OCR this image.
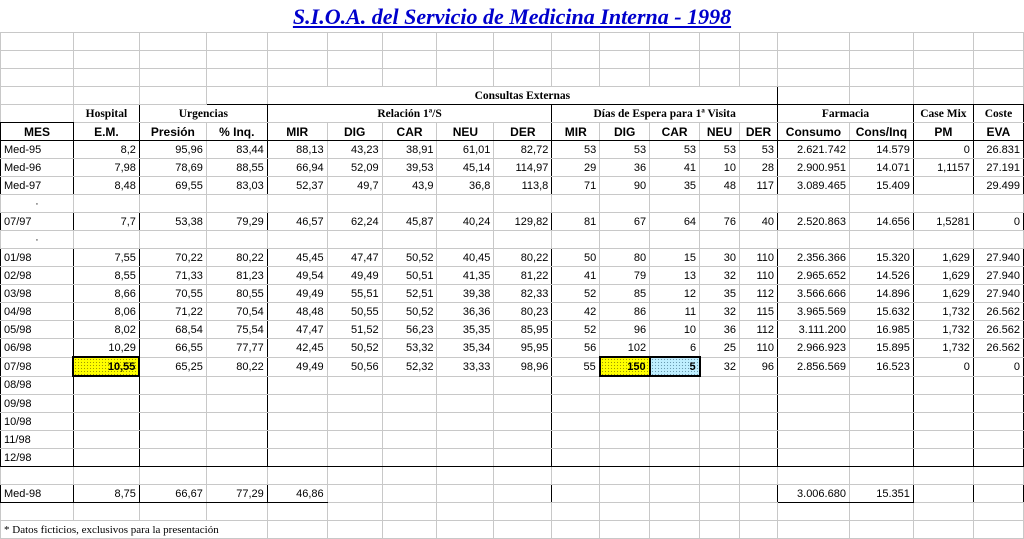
S.I.O.A. del Servicio de Medicina Interna - 1998

				Consultas Externas													
	Hospital	Urgencias		Relación 1ª/S					Días de Espera para 1ª Visita					Farmacia		Case Mix	Coste
MES	E.M.	Presión	% Inq.	MIR	DIG	CAR	NEU	DER	MIR	DIG	CAR	NEU	DER	Consumo	Cons/Inq	PM	EVA
Med-95	8,2	95,96	83,44	88,13	43,23	38,91	61,01	82,72	53	53	53	53	53	2.621.742	14.579	0	26.831
Med-96	7,98	78,69	88,55	66,94	52,09	39,53	45,14	114,97	29	36	41	10	28	2.900.951	14.071	1,1157	27.191
Med-97	8,48	69,55	83,03	52,37	49,7	43,9	36,8	113,8	71	90	35	48	117	3.089.465	15.409		29.499
·																	
07/97	7,7	53,38	79,29	46,57	62,24	45,87	40,24	129,82	81	67	64	76	40	2.520.863	14.656	1,5281	0
·																	
01/98	7,55	70,22	80,22	45,45	47,47	50,52	40,45	80,22	50	80	15	30	110	2.356.366	15.320	1,629	27.940
02/98	8,55	71,33	81,23	49,54	49,49	50,51	41,35	81,22	41	79	13	32	110	2.965.652	14.526	1,629	27.940
03/98	8,66	70,55	80,55	49,49	55,51	52,51	39,38	82,33	52	85	12	35	112	3.566.666	14.896	1,629	27.940
04/98	8,06	71,22	70,54	48,48	50,55	50,52	36,36	80,23	42	86	11	32	115	3.965.569	15.632	1,732	26.562
05/98	8,02	68,54	75,54	47,47	51,52	56,23	35,35	85,95	52	96	10	36	112	3.111.200	16.985	1,732	26.562
06/98	10,29	66,55	77,77	42,45	50,52	53,32	35,34	95,95	56	102	6	25	110	2.966.923	15.895	1,732	26.562
07/98	10,55	65,25	80,22	49,49	50,56	52,32	33,33	98,96	55	150	5	32	96	2.856.569	16.523	0	0
08/98																	
09/98																	
10/98																	
11/98																	
12/98																	

Med-98	8,75	66,67	77,29	46,86										3.006.680	15.351		

* Datos ficticios, exclusivos para la presentación																	
